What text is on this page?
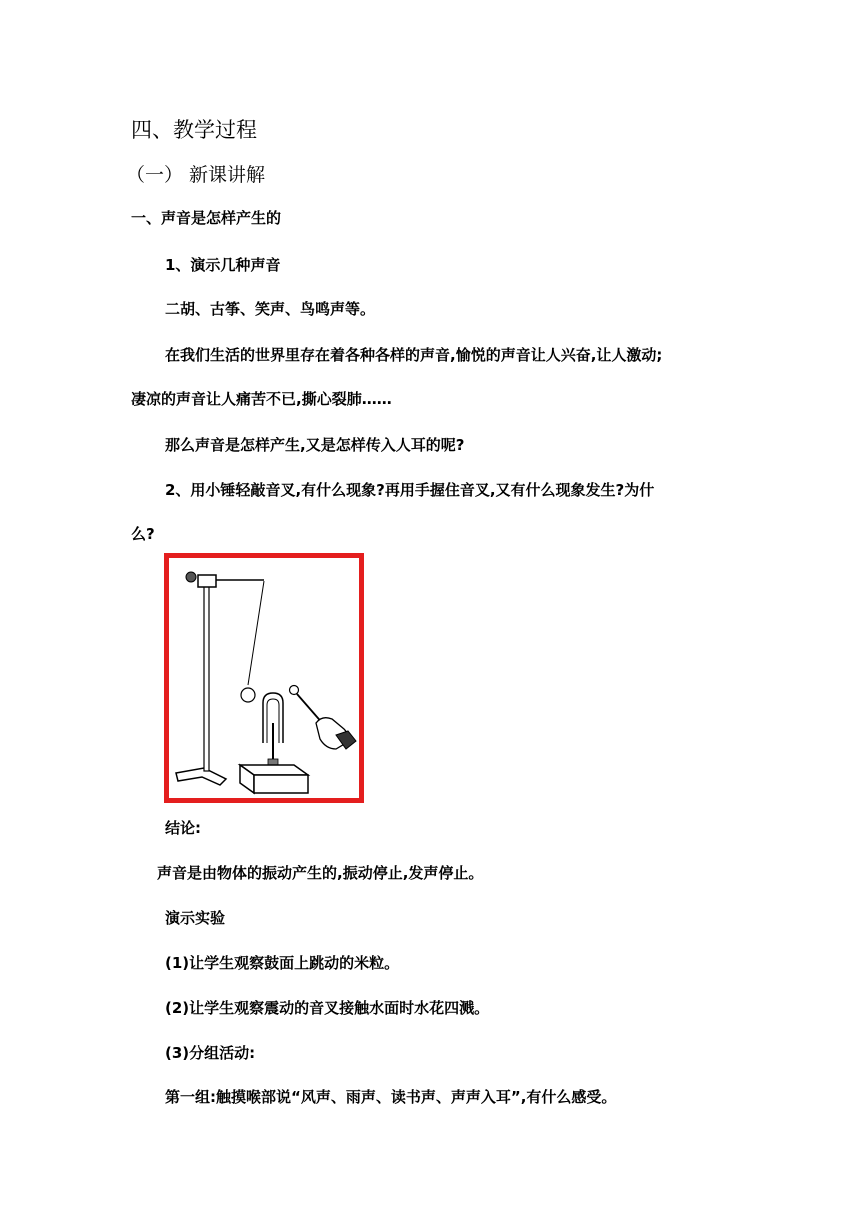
四、教学过程
（一） 新课讲解
一、声音是怎样产生的
1、演示几种声音
二胡、古筝、笑声、鸟鸣声等。
在我们生活的世界里存在着各种各样的声音,愉悦的声音让人兴奋,让人激动;
凄凉的声音让人痛苦不已,撕心裂肺……
那么声音是怎样产生,又是怎样传入人耳的呢?
2、用小锤轻敲音叉,有什么现象?再用手握住音叉,又有什么现象发生?为什
么?
结论:
声音是由物体的振动产生的,振动停止,发声停止。
演示实验
(1)让学生观察鼓面上跳动的米粒。
(2)让学生观察震动的音叉接触水面时水花四溅。
(3)分组活动:
第一组:触摸喉部说“风声、雨声、读书声、声声入耳”,有什么感受。
